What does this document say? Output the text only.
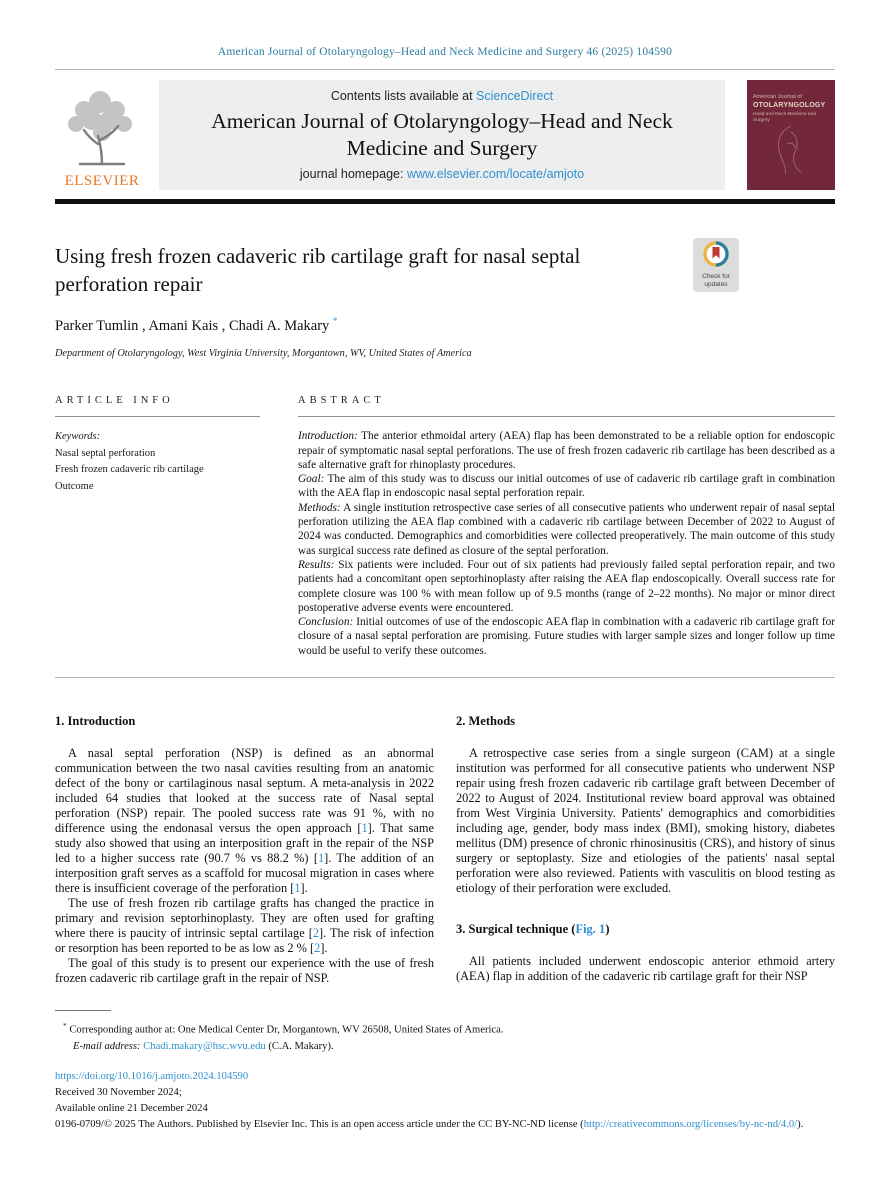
American Journal of Otolaryngology–Head and Neck Medicine and Surgery 46 (2025) 104590
ELSEVIER
Contents lists available at ScienceDirect
American Journal of Otolaryngology–Head and Neck Medicine and Surgery
journal homepage: www.elsevier.com/locate/amjoto
American Journal of
OTOLARYNGOLOGY
Head and Neck Medicine and Surgery
Using fresh frozen cadaveric rib cartilage graft for nasal septal perforation repair	Check for updates
Parker Tumlin , Amani Kais , Chadi A. Makary *
Department of Otolaryngology, West Virginia University, Morgantown, WV, United States of America
ARTICLE INFO
Keywords:
Nasal septal perforation
Fresh frozen cadaveric rib cartilage
Outcome
ABSTRACT

Introduction: The anterior ethmoidal artery (AEA) flap has been demonstrated to be a reliable option for endoscopic repair of symptomatic nasal septal perforations. The use of fresh frozen cadaveric rib cartilage has been described as a safe alternative graft for rhinoplasty procedures.

Goal: The aim of this study was to discuss our initial outcomes of use of cadaveric rib cartilage graft in combination with the AEA flap in endoscopic nasal septal perforation repair.

Methods: A single institution retrospective case series of all consecutive patients who underwent repair of nasal septal perforation utilizing the AEA flap combined with a cadaveric rib cartilage between December of 2022 to August of 2024 was conducted. Demographics and comorbidities were collected preoperatively. The main outcome of this study was surgical success rate defined as closure of the septal perforation.

Results: Six patients were included. Four out of six patients had previously failed septal perforation repair, and two patients had a concomitant open septorhinoplasty after raising the AEA flap endoscopically. Overall success rate for complete closure was 100 % with mean follow up of 9.5 months (range of 2–22 months). No major or minor direct postoperative adverse events were encountered.

Conclusion: Initial outcomes of use of the endoscopic AEA flap in combination with a cadaveric rib cartilage graft for closure of a nasal septal perforation are promising. Future studies with larger sample sizes and longer follow up time would be useful to verify these outcomes.

1. Introduction

A nasal septal perforation (NSP) is defined as an abnormal communication between the two nasal cavities resulting from an anatomic defect of the bony or cartilaginous nasal septum. A meta-analysis in 2022 included 64 studies that looked at the success rate of Nasal septal perforation (NSP) repair. The pooled success rate was 91 %, with no difference using the endonasal versus the open approach [1]. That same study also showed that using an interposition graft in the repair of the NSP led to a higher success rate (90.7 % vs 88.2 %) [1]. The addition of an interposition graft serves as a scaffold for mucosal migration in cases where there is insufficient coverage of the perforation [1].

The use of fresh frozen rib cartilage grafts has changed the practice in primary and revision septorhinoplasty. They are often used for grafting where there is paucity of intrinsic septal cartilage [2]. The risk of infection or resorption has been reported to be as low as 2 % [2].

The goal of this study is to present our experience with the use of fresh frozen cadaveric rib cartilage graft in the repair of NSP.

2. Methods

A retrospective case series from a single surgeon (CAM) at a single institution was performed for all consecutive patients who underwent NSP repair using fresh frozen cadaveric rib cartilage graft between December of 2022 to August of 2024. Institutional review board approval was obtained from West Virginia University. Patients' demographics and comorbidities including age, gender, body mass index (BMI), smoking history, diabetes mellitus (DM) presence of chronic rhinosinusitis (CRS), and history of sinus surgery or septoplasty. Size and etiologies of the patients' nasal septal perforation were also reviewed. Patients with vasculitis on blood testing as etiology of their perforation were excluded.

3. Surgical technique (Fig. 1)

All patients included underwent endoscopic anterior ethmoid artery (AEA) flap in addition of the cadaveric rib cartilage graft for their NSP

* Corresponding author at: One Medical Center Dr, Morgantown, WV 26508, United States of America.
E-mail address: Chadi.makary@hsc.wvu.edu (C.A. Makary).
https://doi.org/10.1016/j.amjoto.2024.104590
Received 30 November 2024;
Available online 21 December 2024
0196-0709/© 2025 The Authors. Published by Elsevier Inc. This is an open access article under the CC BY-NC-ND license (http://creativecommons.org/licenses/by-nc-nd/4.0/).
